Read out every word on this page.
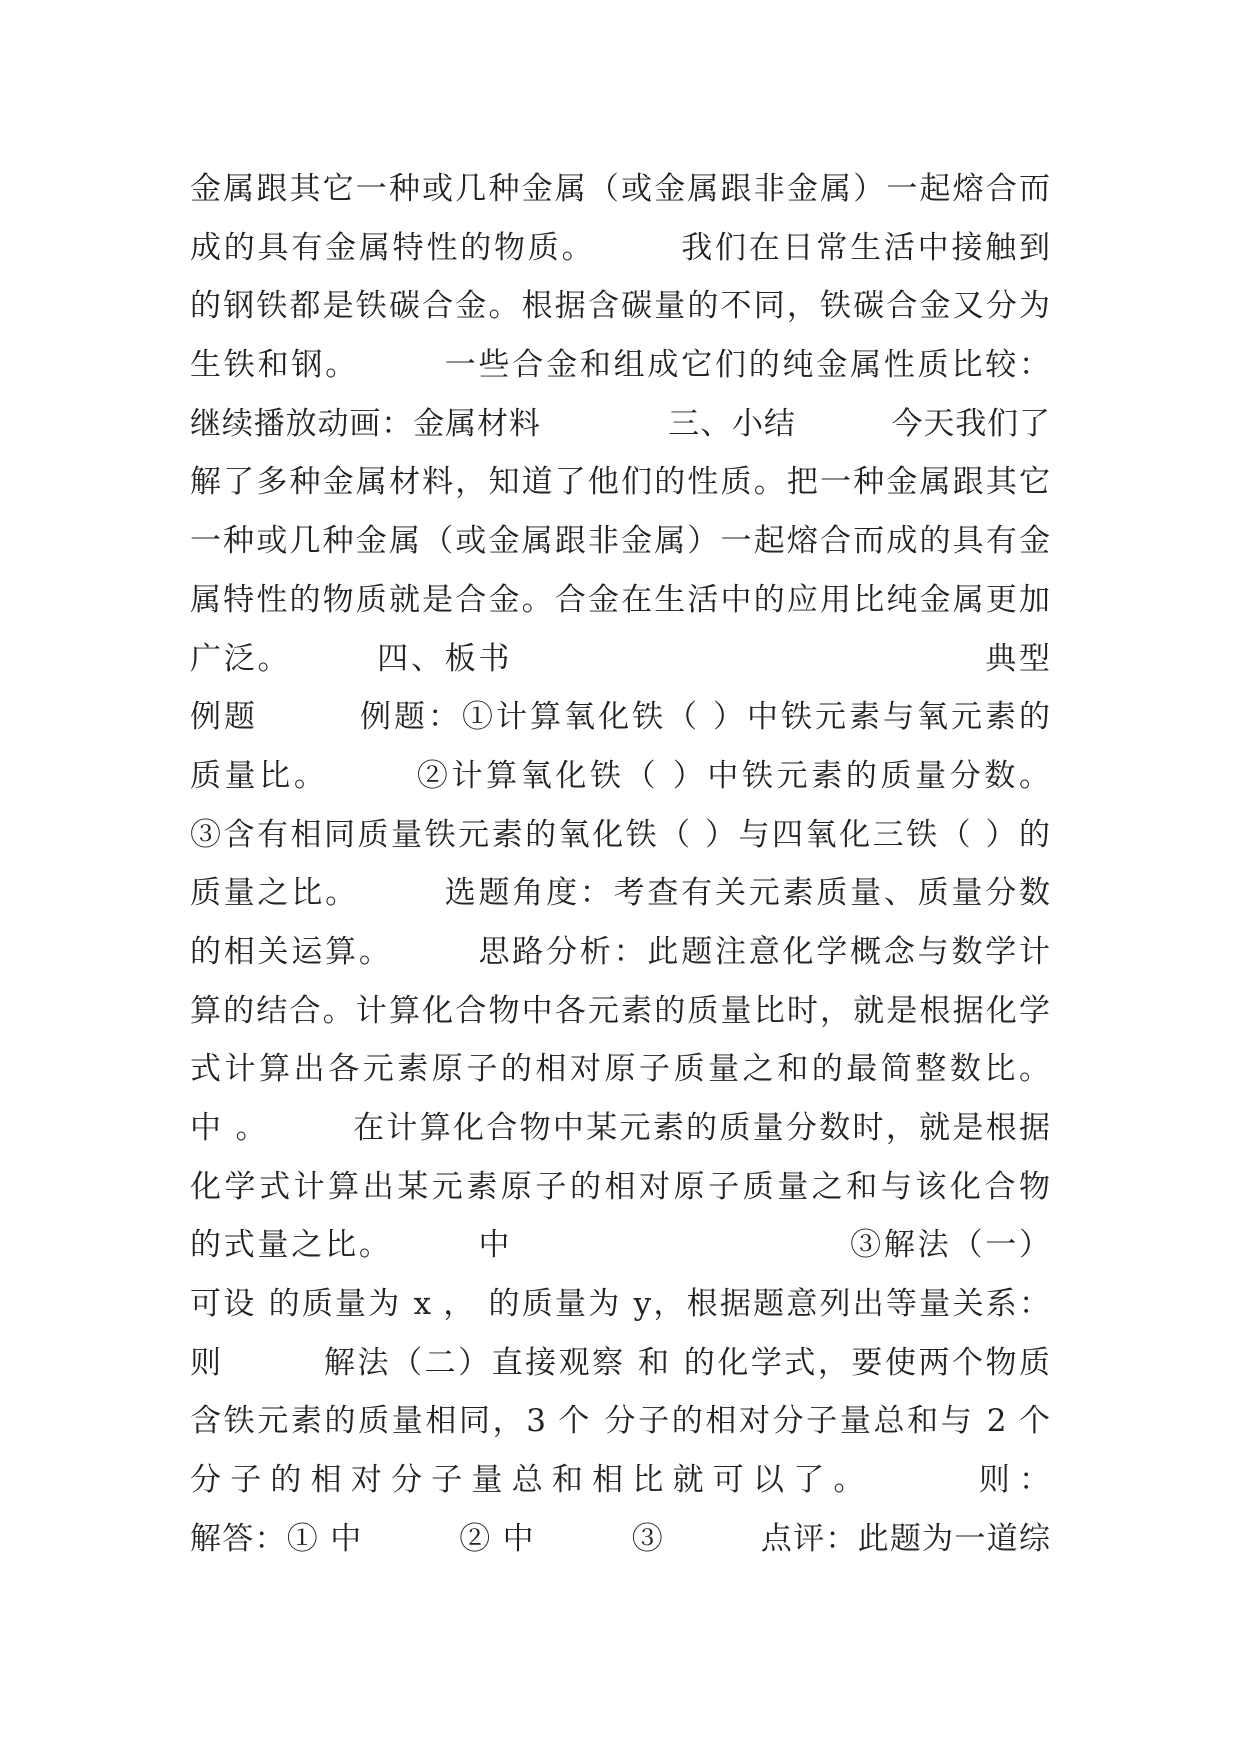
金属跟其它一种或几种金属（或金属跟非金属）一起熔合而
成的具有金属特性的物质。　　　我们在日常生活中接触到
的钢铁都是铁碳合金。根据含碳量的不同，铁碳合金又分为
生铁和钢。　　　一些合金和组成它们的纯金属性质比较：
继续播放动画：金属材料　　　　三、小结　　　今天我们了
解了多种金属材料，知道了他们的性质。把一种金属跟其它
一种或几种金属（或金属跟非金属）一起熔合而成的具有金
属特性的物质就是合金。合金在生活中的应用比纯金属更加
广泛。　　　四、板书　　　　　　　　　　　　　　典型
例题　　　例题：①计算氧化铁（ ）中铁元素与氧元素的
质量比。　　　②计算氧化铁（ ）中铁元素的质量分数。
③含有相同质量铁元素的氧化铁（ ）与四氧化三铁（ ）的
质量之比。　　　选题角度：考查有关元素质量、质量分数
的相关运算。　　　思路分析：此题注意化学概念与数学计
算的结合。计算化合物中各元素的质量比时，就是根据化学
式计算出各元素原子的相对原子质量之和的最简整数比。
中 。　　　在计算化合物中某元素的质量分数时，就是根据
化学式计算出某元素原子的相对原子质量之和与该化合物
的式量之比。　　　中　　　　　　　　　　③解法（一）
可设 的质量为 x ， 的质量为 y，根据题意列出等量关系：
则　　　解法（二）直接观察 和 的化学式，要使两个物质
含铁元素的质量相同，3 个 分子的相对分子量总和与 2 个
分子的相对分子量总和相比就可以了。　　　则：
解答：① 中　　　② 中　　　③　　　点评：此题为一道综
